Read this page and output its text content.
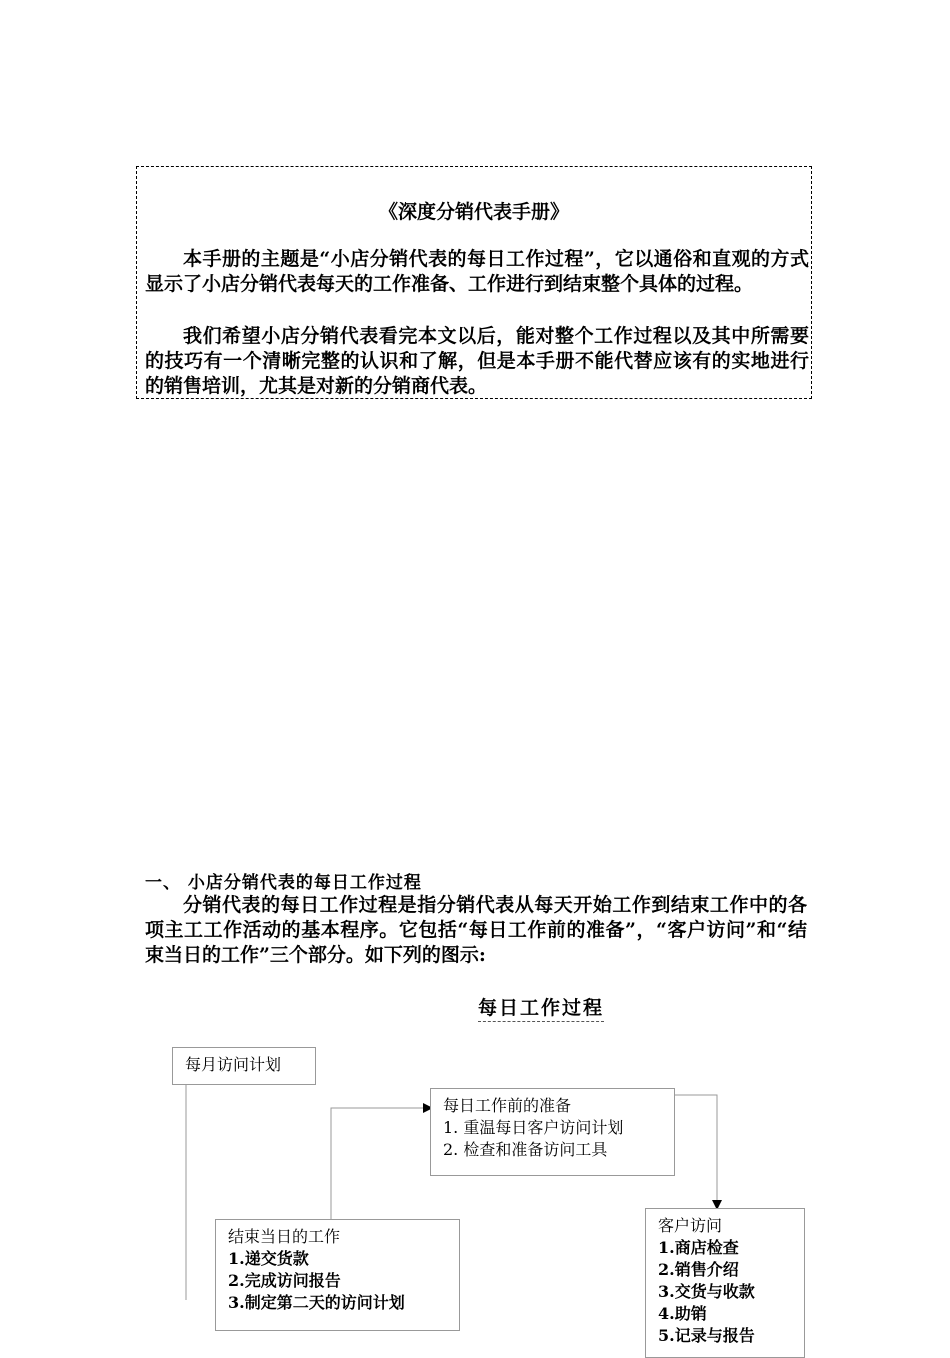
《深度分销代表手册》

本手册的主题是“小店分销代表的每日工作过程”，它以通俗和直观的方式显示了小店分销代表每天的工作准备、工作进行到结束整个具体的过程。

我们希望小店分销代表看完本文以后，能对整个工作过程以及其中所需要的技巧有一个清晰完整的认识和了解，但是本手册不能代替应该有的实地进行的销售培训，尤其是对新的分销商代表。

一、 小店分销代表的每日工作过程

分销代表的每日工作过程是指分销代表从每天开始工作到结束工作中的各项主工工作活动的基本程序。它包括“每日工作前的准备”，“客户访问”和“结束当日的工作”三个部分。如下列的图示:

每日工作过程
每月访问计划
每日工作前的准备
1. 重温每日客户访问计划
2. 检查和准备访问工具
结束当日的工作
1.递交货款
2.完成访问报告
3.制定第二天的访问计划
客户访问
1.商店检查
2.销售介绍
3.交货与收款
4.助销
5.记录与报告
